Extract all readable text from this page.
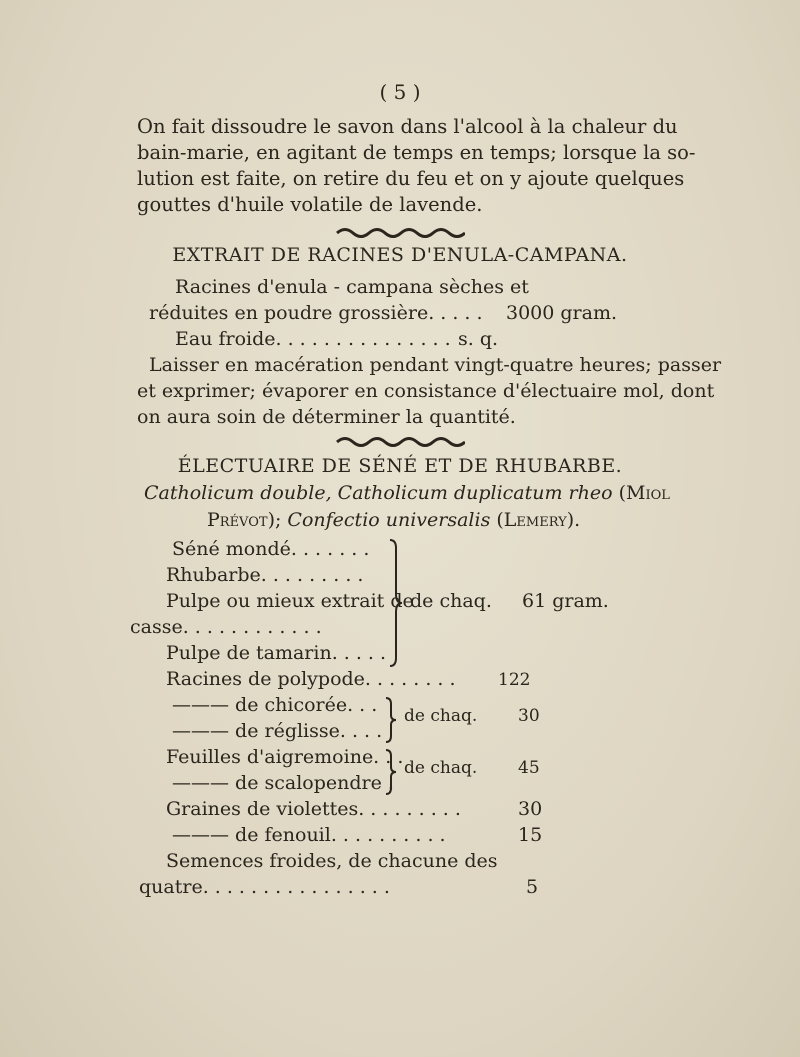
( 5 )
On fait dissoudre le savon dans l'alcool à la chaleur du
bain-marie, en agitant de temps en temps; lorsque la so-
lution est faite, on retire du feu et on y ajoute quelques
gouttes d'huile volatile de lavende.
EXTRAIT DE RACINES D'ENULA-CAMPANA.
Racines d'enula - campana sèches et
réduites en poudre grossière. . . . . 3000 gram.
Eau froide. . . . . . . . . . . . . . . s. q.
Laisser en macération pendant vingt-quatre heures; passer
et exprimer; évaporer en consistance d'électuaire mol, dont
on aura soin de déterminer la quantité.
ÉLECTUAIRE DE SÉNÉ ET DE RHUBARBE.
Catholicum double, Catholicum duplicatum rheo (Miol
Prévot); Confectio universalis (Lemery).
Séné mondé. . . . . . .
Rhubarbe. . . . . . . . .
Pulpe ou mieux extrait de
casse. . . . . . . . . . . .
Pulpe de tamarin. . . . .
de chaq. 61 gram.
Racines de polypode. . . . . . . . 122
——— de chicorée. . .
——— de réglisse. . . .
de chaq. 30
Feuilles d'aigremoine. . .
——— de scalopendre .
de chaq. 45
Graines de violettes. . . . . . . . .	30
——— de fenouil. . . . . . . . . .	15
Semences froides, de chacune des
quatre. . . . . . . . . . . . . . . .	5
